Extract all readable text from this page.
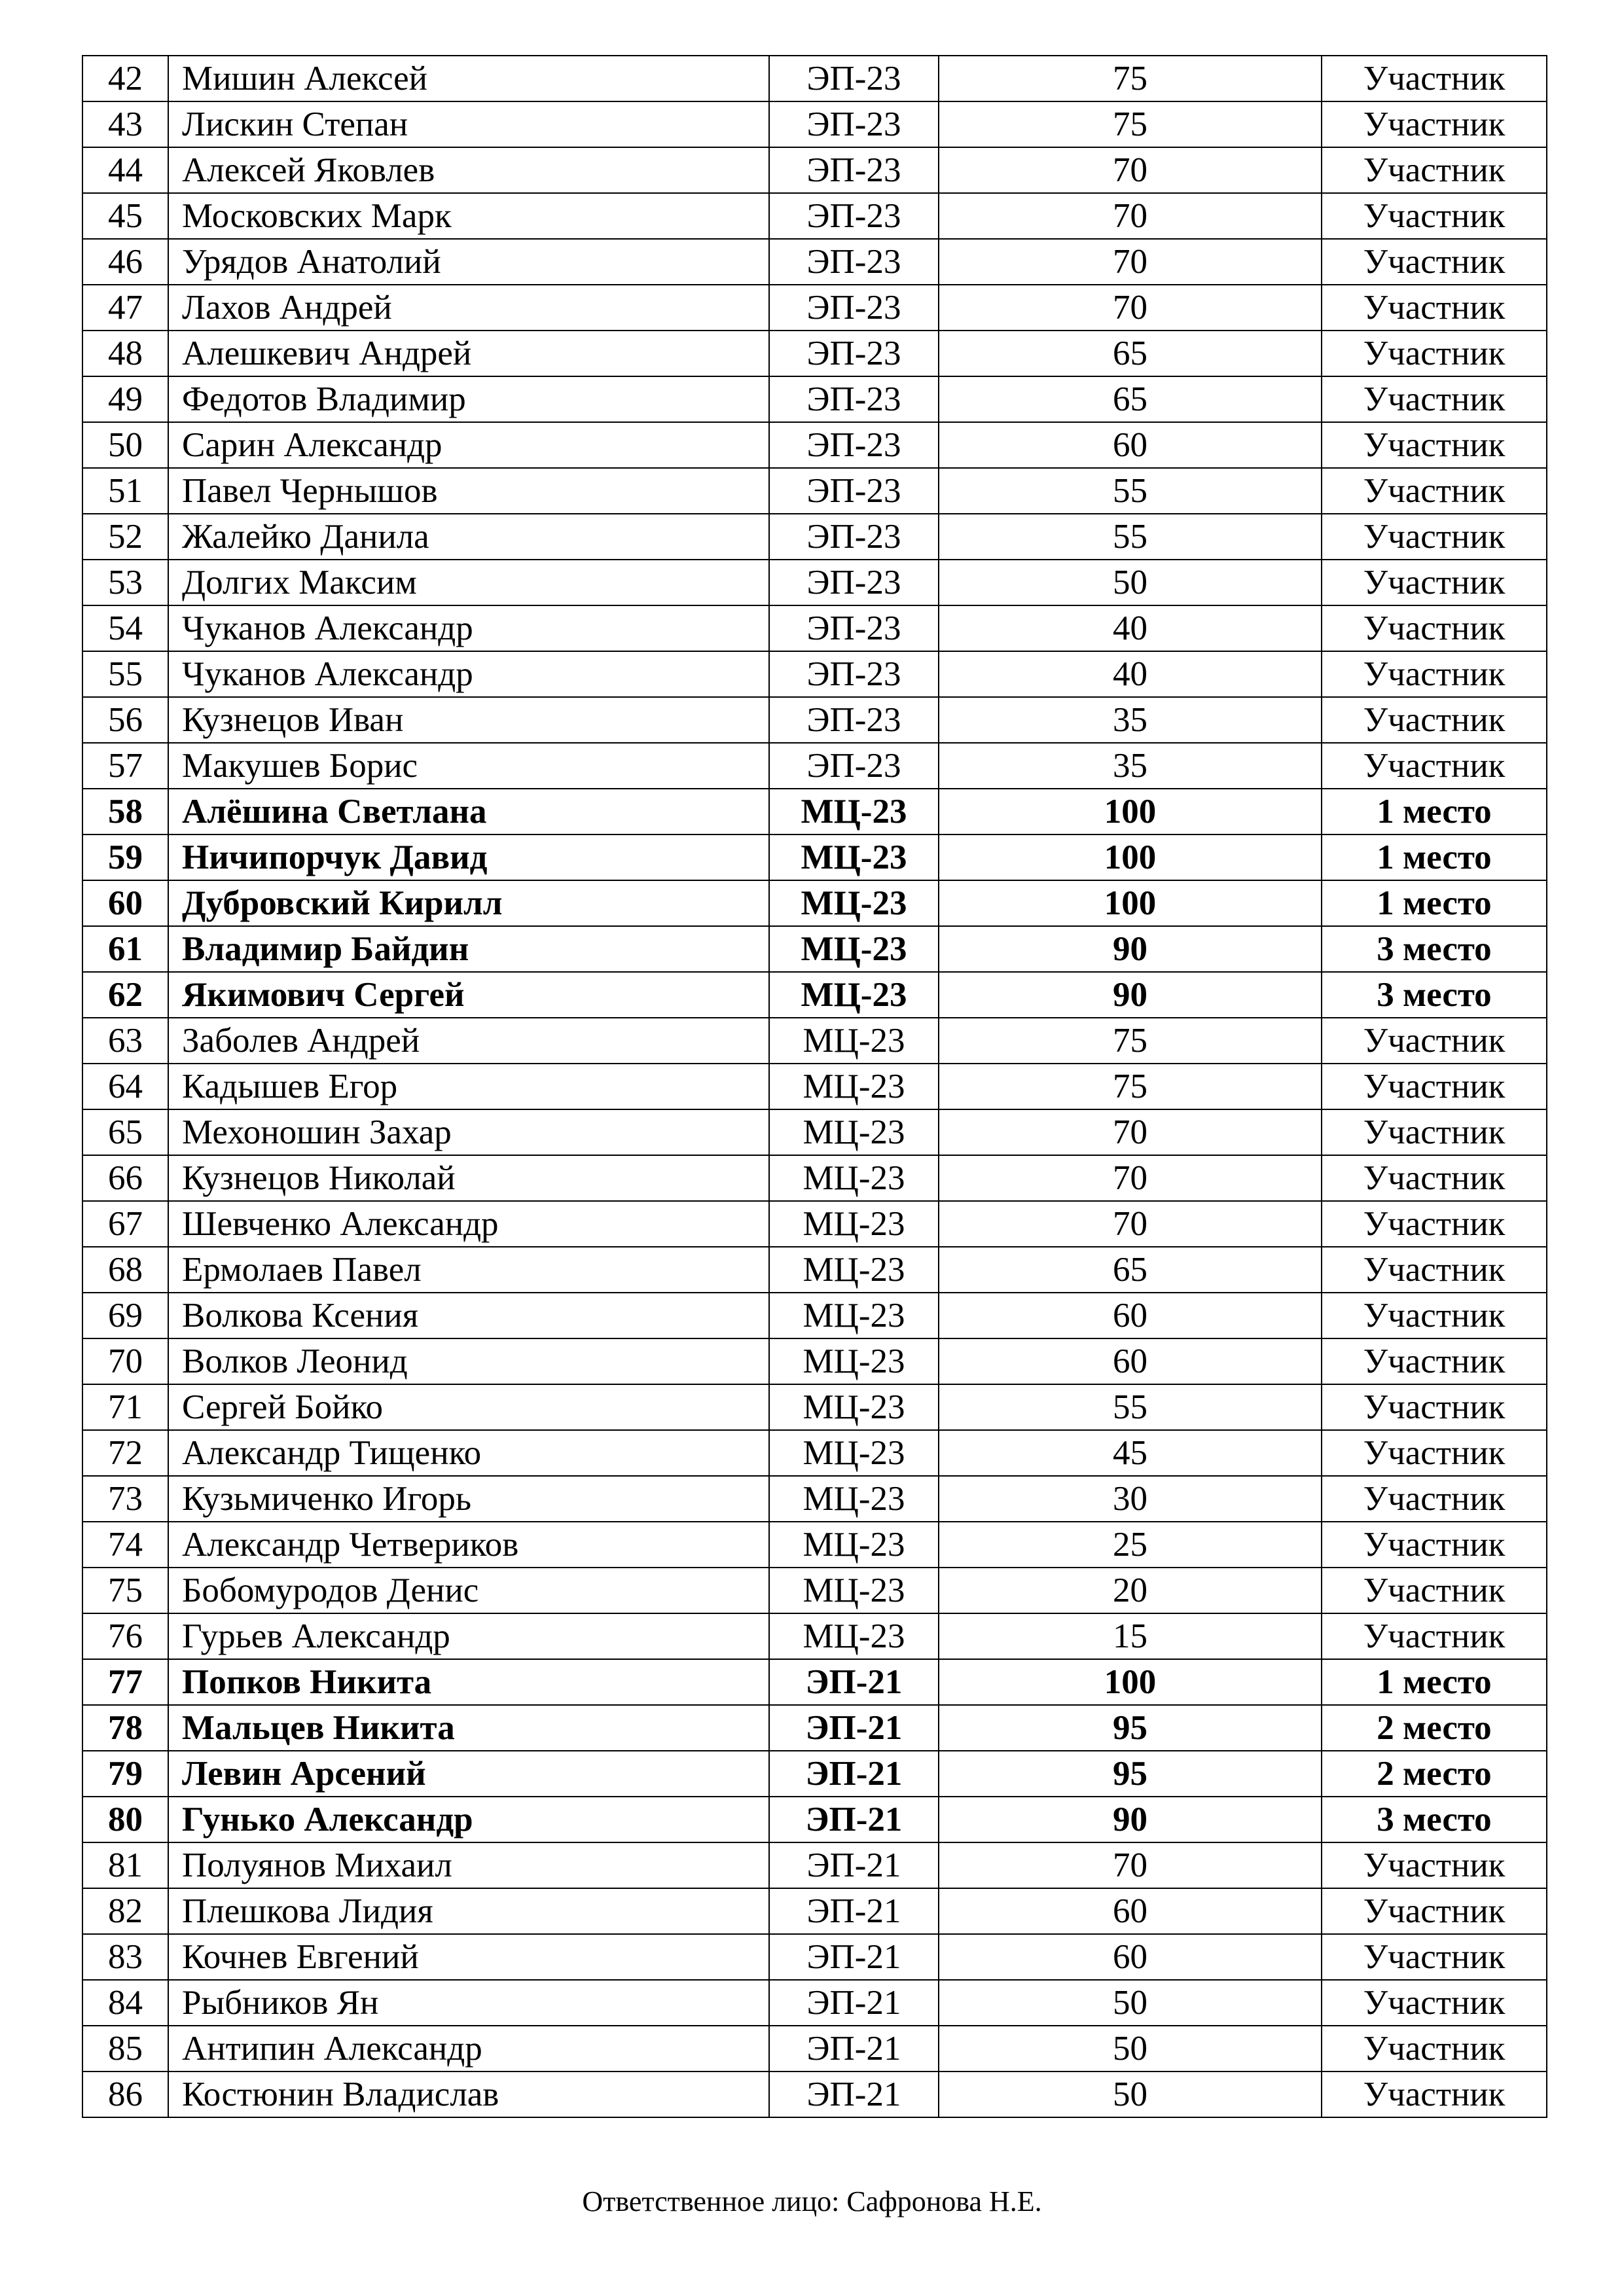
42	Мишин Алексей	ЭП-23	75	Участник
43	Лискин Степан	ЭП-23	75	Участник
44	Алексей Яковлев	ЭП-23	70	Участник
45	Московских Марк	ЭП-23	70	Участник
46	Урядов Анатолий	ЭП-23	70	Участник
47	Лахов Андрей	ЭП-23	70	Участник
48	Алешкевич Андрей	ЭП-23	65	Участник
49	Федотов Владимир	ЭП-23	65	Участник
50	Сарин Александр	ЭП-23	60	Участник
51	Павел Чернышов	ЭП-23	55	Участник
52	Жалейко Данила	ЭП-23	55	Участник
53	Долгих Максим	ЭП-23	50	Участник
54	Чуканов Александр	ЭП-23	40	Участник
55	Чуканов Александр	ЭП-23	40	Участник
56	Кузнецов Иван	ЭП-23	35	Участник
57	Макушев Борис	ЭП-23	35	Участник
58	Алёшина Светлана	МЦ-23	100	1 место
59	Ничипорчук Давид	МЦ-23	100	1 место
60	Дубровский Кирилл	МЦ-23	100	1 место
61	Владимир Байдин	МЦ-23	90	3 место
62	Якимович Сергей	МЦ-23	90	3 место
63	Заболев Андрей	МЦ-23	75	Участник
64	Кадышев Егор	МЦ-23	75	Участник
65	Мехоношин Захар	МЦ-23	70	Участник
66	Кузнецов Николай	МЦ-23	70	Участник
67	Шевченко Александр	МЦ-23	70	Участник
68	Ермолаев Павел	МЦ-23	65	Участник
69	Волкова Ксения	МЦ-23	60	Участник
70	Волков Леонид	МЦ-23	60	Участник
71	Сергей Бойко	МЦ-23	55	Участник
72	Александр Тищенко	МЦ-23	45	Участник
73	Кузьмиченко Игорь	МЦ-23	30	Участник
74	Александр Четвериков	МЦ-23	25	Участник
75	Бобомуродов Денис	МЦ-23	20	Участник
76	Гурьев Александр	МЦ-23	15	Участник
77	Попков Никита	ЭП-21	100	1 место
78	Мальцев Никита	ЭП-21	95	2 место
79	Левин Арсений	ЭП-21	95	2 место
80	Гунько Александр	ЭП-21	90	3 место
81	Полуянов Михаил	ЭП-21	70	Участник
82	Плешкова Лидия	ЭП-21	60	Участник
83	Кочнев Евгений	ЭП-21	60	Участник
84	Рыбников Ян	ЭП-21	50	Участник
85	Антипин Александр	ЭП-21	50	Участник
86	Костюнин Владислав	ЭП-21	50	Участник
Ответственное лицо: Сафронова Н.Е.
